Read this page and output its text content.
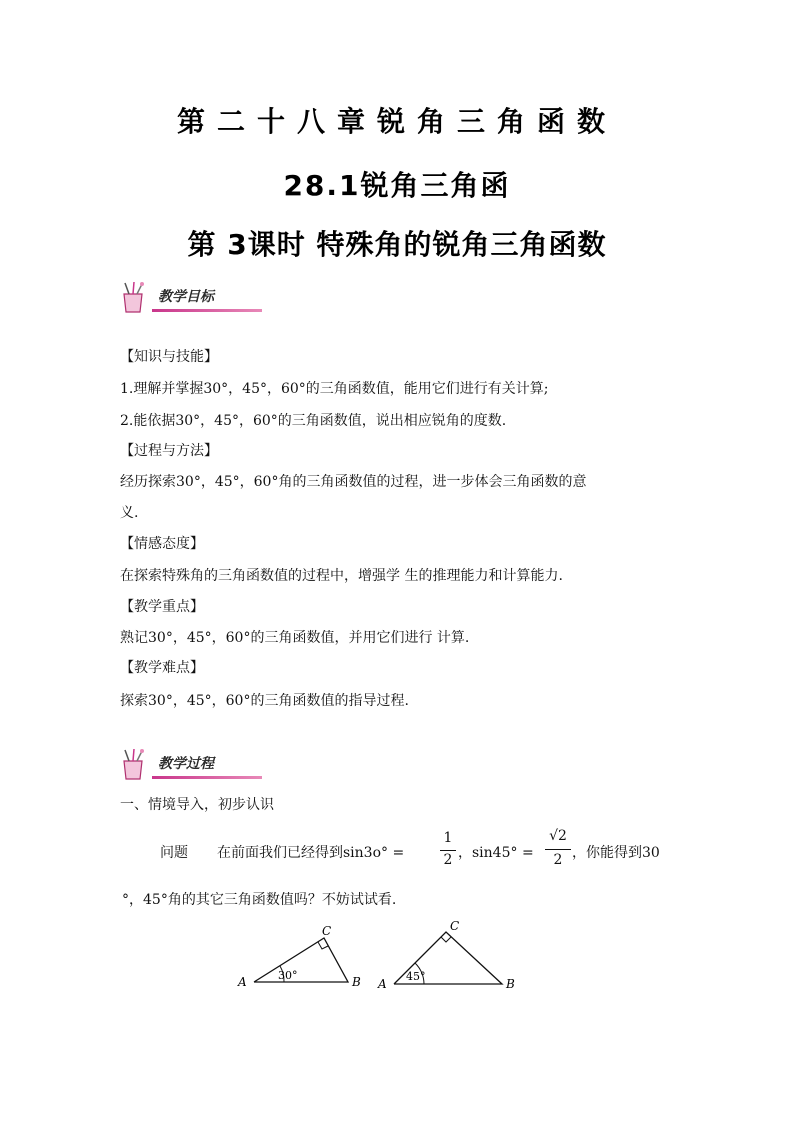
第二十八章锐角三角函数
28.1锐角三角函
第 3课时 特殊角的锐角三角函数
教学目标
【知识与技能】
1.理解并掌握30°，45°，60°的三角函数值，能用它们进行有关计算;
2.能依据30°，45°，60°的三角函数值，说出相应锐角的度数.
【过程与方法】
经历探索30°，45°，60°角的三角函数值的过程，进一步体会三角函数的意
义.
【情感态度】
在探索特殊角的三角函数值的过程中，增强学 生的推理能力和计算能力.
【教学重点】
熟记30°，45°，60°的三角函数值，并用它们进行 计算.
【教学难点】
探索30°，45°，60°的三角函数值的指导过程.
教学过程
一、情境导入，初步认识
问题 在前面我们已经得到sin3o° =
1
2 ，sin45° =
√2
2 ，你能得到30
°，45°角的其它三角函数值吗？不妨试试看.
A	B
C
30°
A	B
C
45°
